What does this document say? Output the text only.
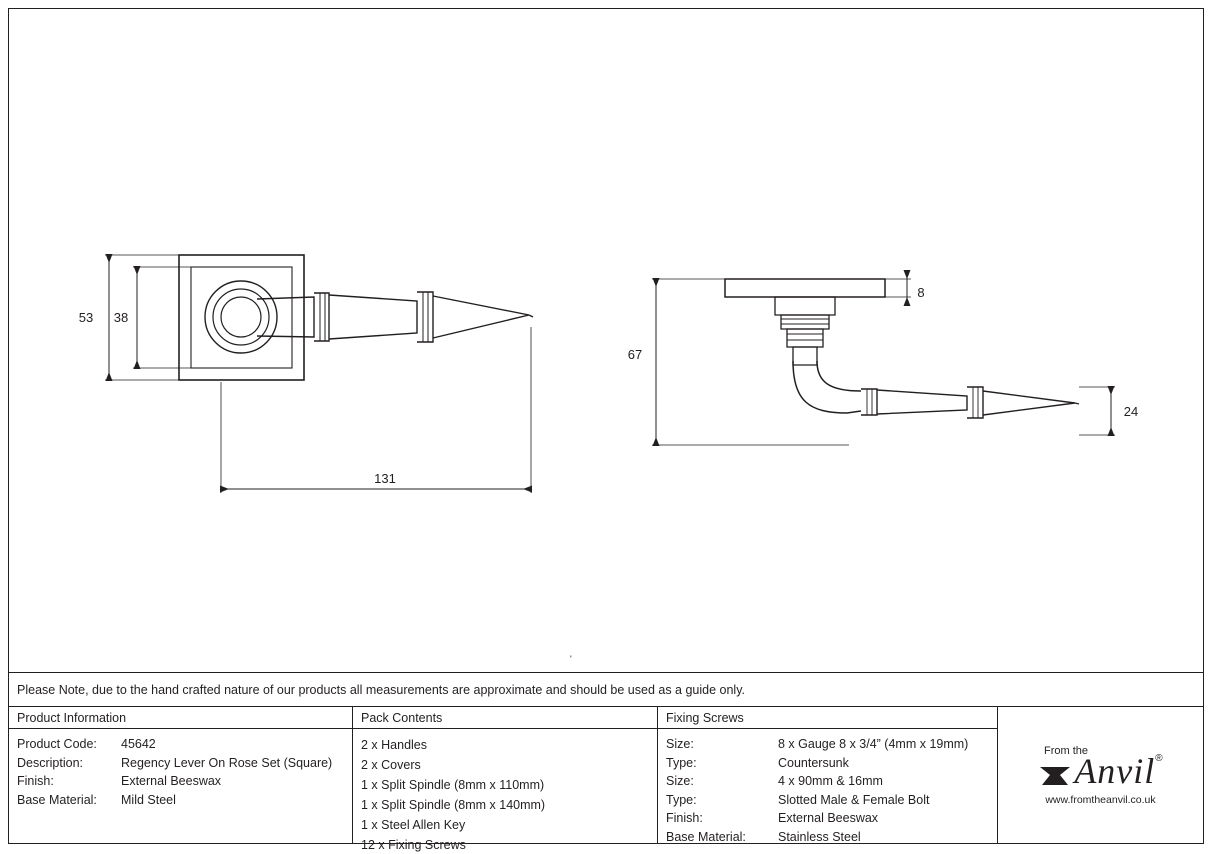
53 38
131
8
67
24
'
Please Note, due to the hand crafted nature of our products all measurements are approximate and should be used as a guide only.
Product Information
Product Code:	45642
Description:	Regency Lever On Rose Set (Square)
Finish:	External Beeswax
Base Material:	Mild Steel
Pack Contents
2 x Handles
2 x Covers
1 x Split Spindle (8mm x 110mm)
1 x Split Spindle (8mm x 140mm)
1 x Steel Allen Key
12 x Fixing Screws
Fixing Screws
Size:	8 x Gauge 8 x 3/4” (4mm x 19mm)
Type:	Countersunk
Size:	4 x 90mm & 16mm
Type:	Slotted Male & Female Bolt
Finish:	External Beeswax
Base Material:	Stainless Steel
From the
Anvil ®
www.fromtheanvil.co.uk
